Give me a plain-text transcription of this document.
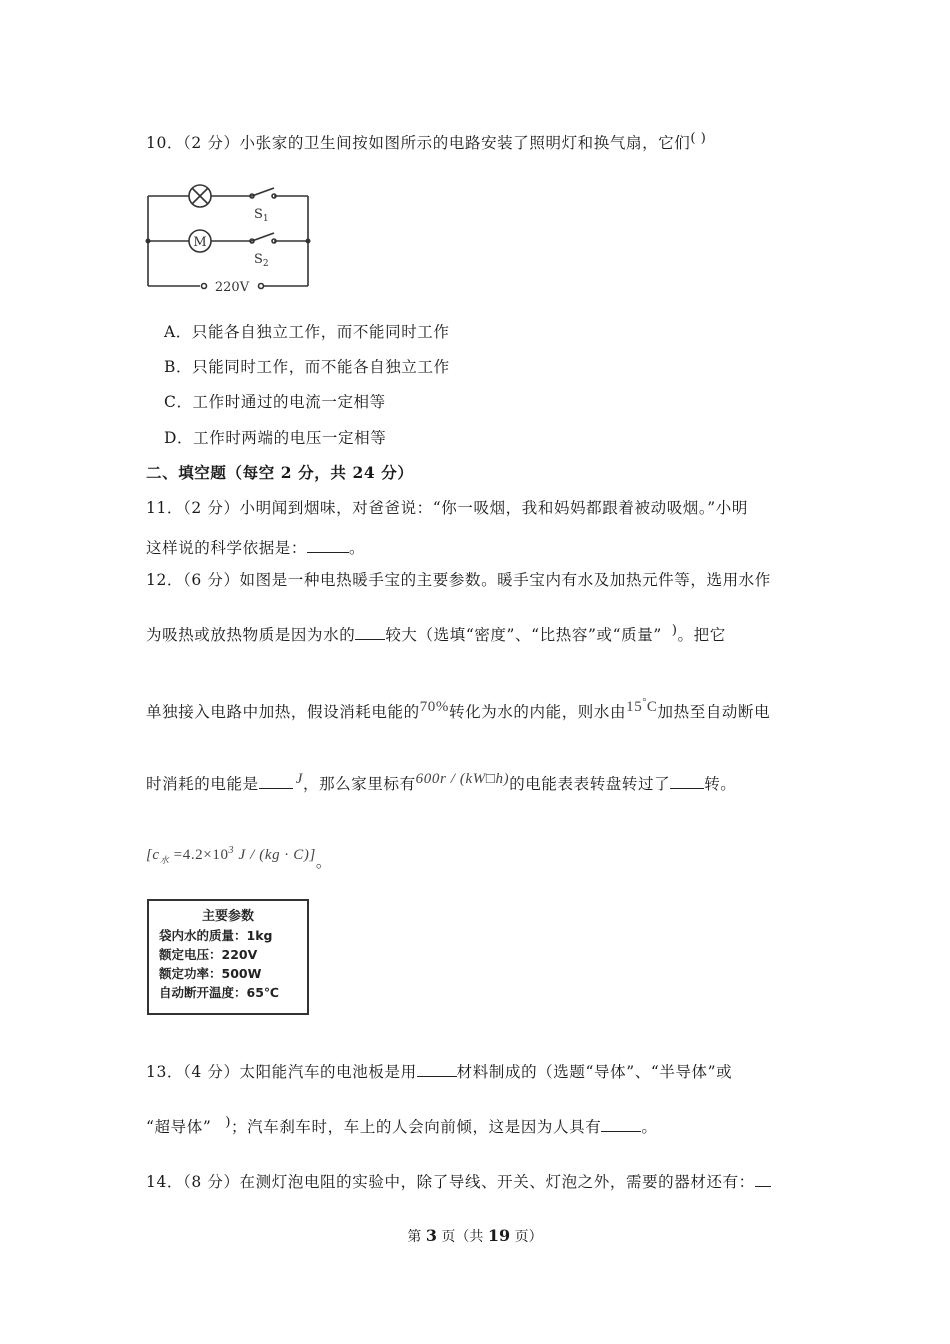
10．（2 分）小张家的卫生间按如图所示的电路安装了照明灯和换气扇，它们( )
M
$S_1$
$S_2$
220V
A．只能各自独立工作，而不能同时工作
B．只能同时工作，而不能各自独立工作
C．工作时通过的电流一定相等
D．工作时两端的电压一定相等
二、填空题（每空 2 分，共 24 分）
11．（2 分）小明闻到烟味，对爸爸说：“你一吸烟，我和妈妈都跟着被动吸烟。”小明
这样说的科学依据是：	。
12．（6 分）如图是一种电热暖手宝的主要参数。暖手宝内有水及加热元件等，选用水作
为吸热或放热物质是因为水的 较大（选填“密度”、“比热容”或“质量” )。把它
单独接入电路中加热，假设消耗电能的70%转化为水的内能，则水由15°C加热至自动断电
时消耗的电能是 J，那么家里标有600r / (kW□h)的电能表表转盘转过了 转。
[$c_水 =4.2\times 10^3$ J / (kg · C)]。
主要参数
袋内水的质量：1kg
额定电压：220V
额定功率：500W
自动断开温度：65℃
13．（4 分）太阳能汽车的电池板是用	材料制成的（选题“导体”、“半导体”或
“超导体” )；汽车刹车时，车上的人会向前倾，这是因为人具有	。
14．（8 分）在测灯泡电阻的实验中，除了导线、开关、灯泡之外，需要的器材还有：
第 3 页（共 19 页）
